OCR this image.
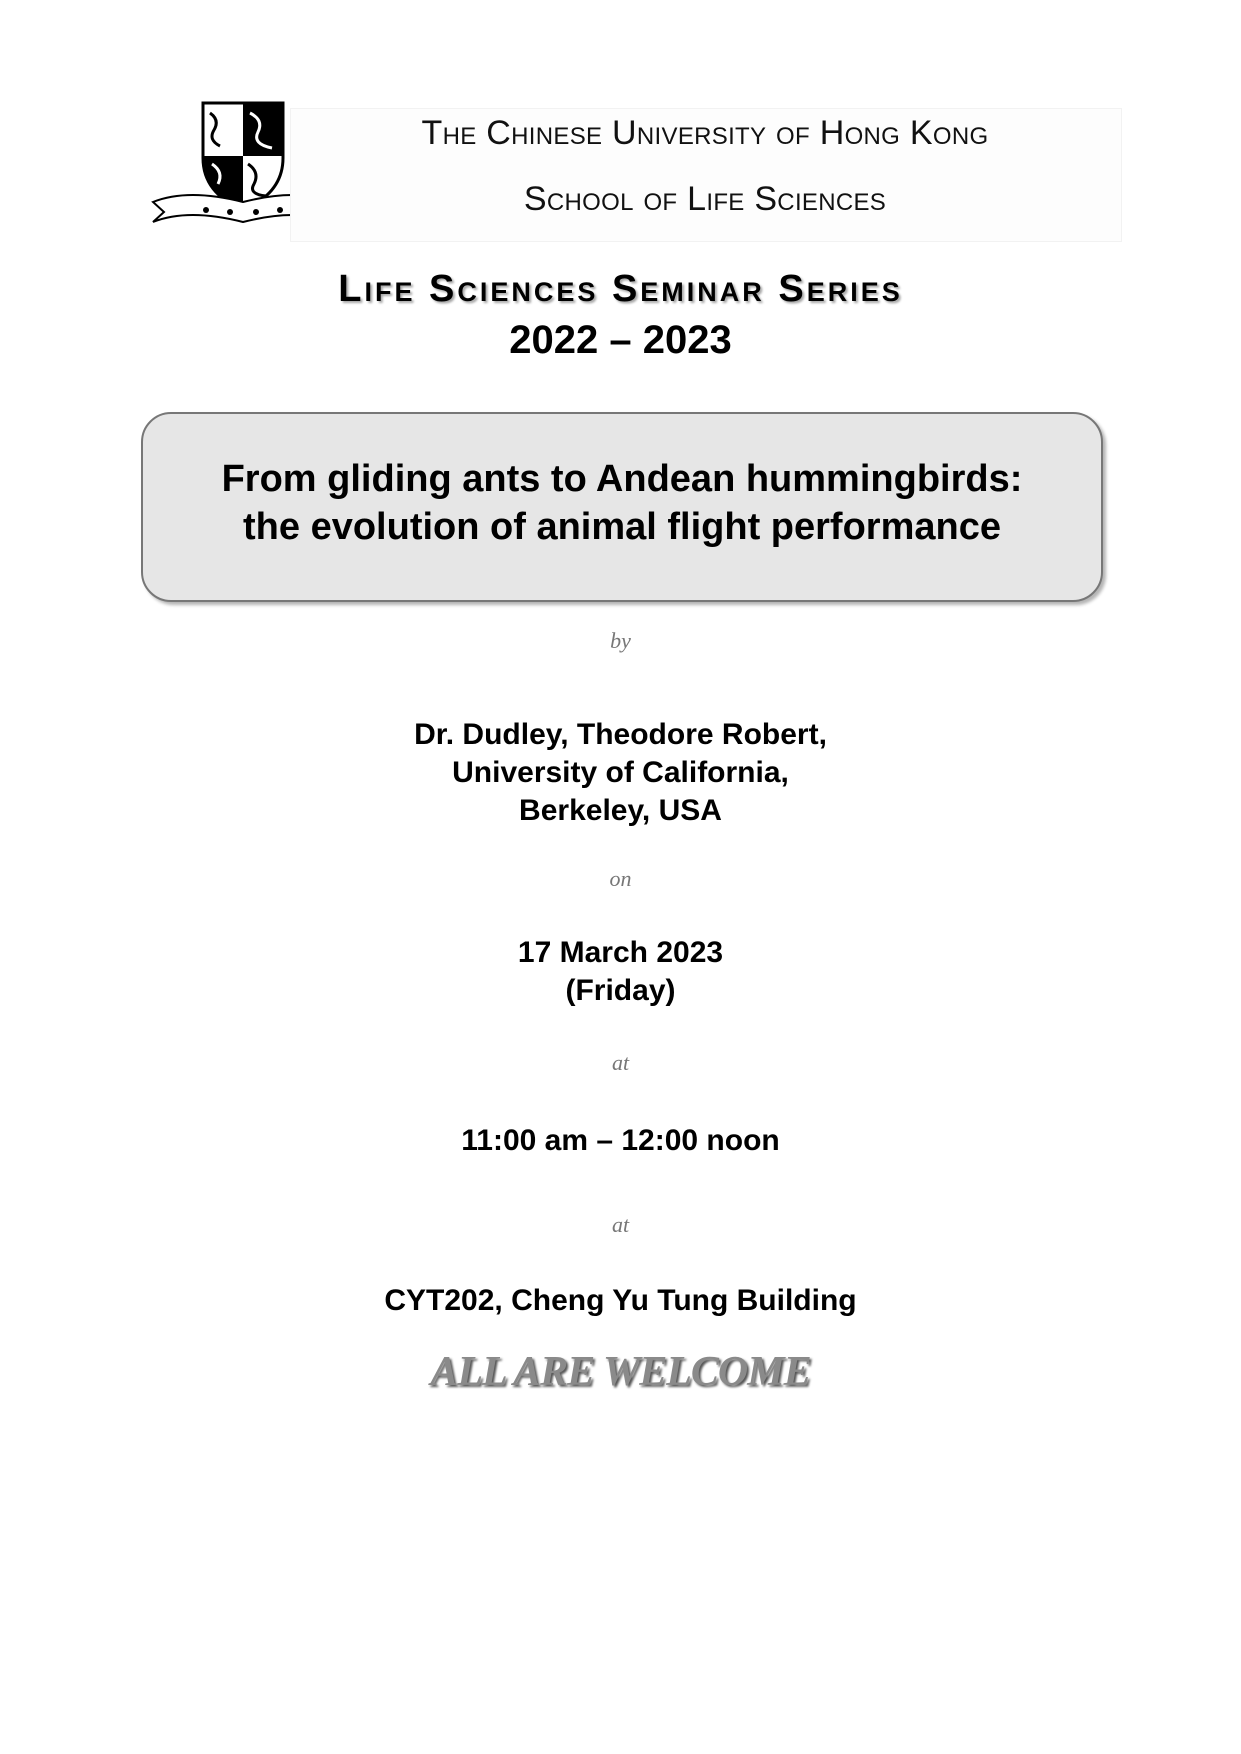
The Chinese University of Hong Kong
School of Life Sciences
Life Sciences Seminar Series
2022 – 2023
From gliding ants to Andean hummingbirds:
the evolution of animal flight performance
by
Dr. Dudley, Theodore Robert,
University of California,
Berkeley, USA
on
17 March 2023
(Friday)
at
11:00 am – 12:00 noon
at
CYT202, Cheng Yu Tung Building
ALL ARE WELCOME
